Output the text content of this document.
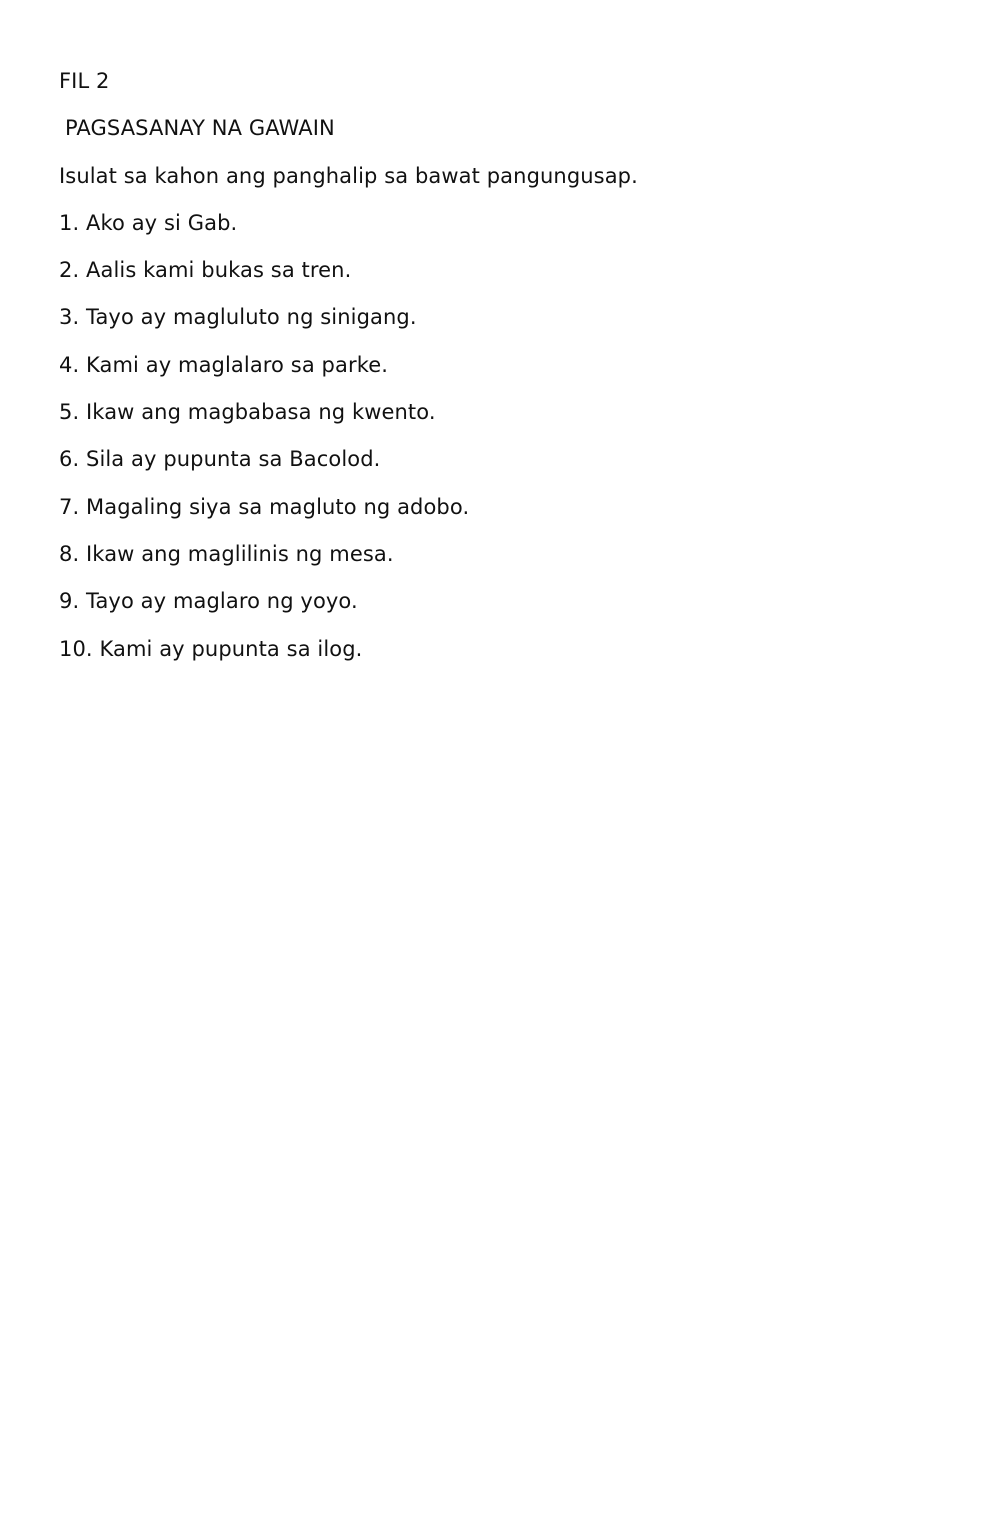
FIL 2
PAGSASANAY NA GAWAIN
Isulat sa kahon ang panghalip sa bawat pangungusap.
1. Ako ay si Gab.
2. Aalis kami bukas sa tren.
3. Tayo ay magluluto ng sinigang.
4. Kami ay maglalaro sa parke.
5. Ikaw ang magbabasa ng kwento.
6. Sila ay pupunta sa Bacolod.
7. Magaling siya sa magluto ng adobo.
8. Ikaw ang maglilinis ng mesa.
9. Tayo ay maglaro ng yoyo.
10. Kami ay pupunta sa ilog.
